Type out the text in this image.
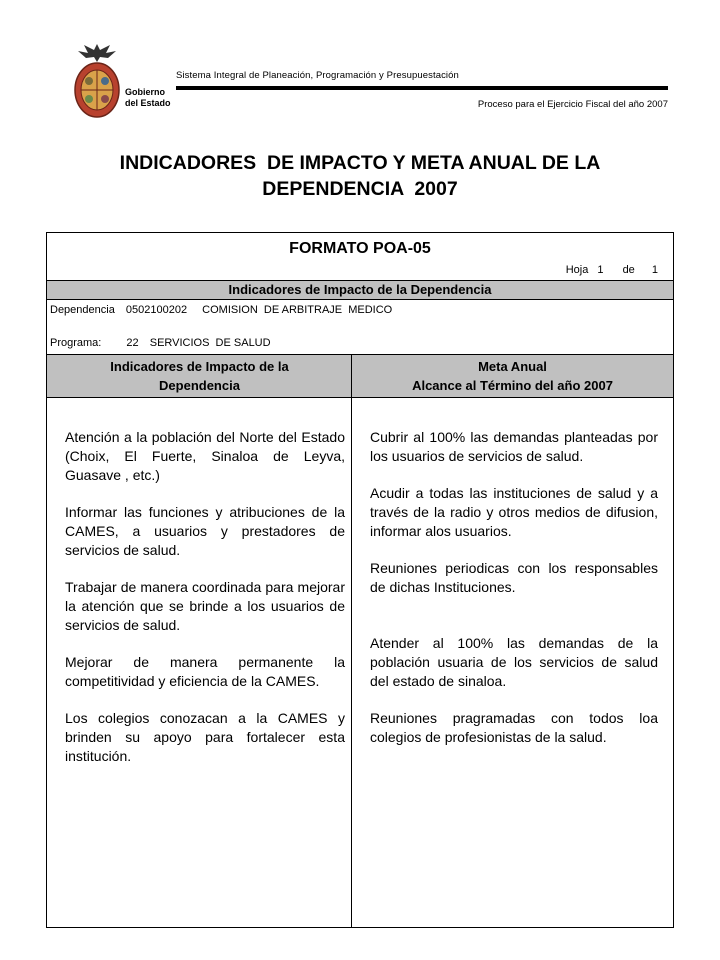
Gobierno
del Estado
Sistema Integral de Planeación, Programación y Presupuestación
Proceso para el Ejercicio Fiscal del año 2007
INDICADORES  DE IMPACTO Y META ANUAL DE LA
DEPENDENCIA  2007
FORMATO POA-05
Hoja 1 de 1
Indicadores de Impacto de la Dependencia
Dependencia 0502100202 COMISION  DE ARBITRAJE  MEDICO
Programa: 22 SERVICIOS  DE SALUD
Indicadores de Impacto de la
Dependencia
Meta Anual
Alcance al Término del año 2007

Atención a la población del Norte del Estado (Choix, El Fuerte, Sinaloa de Leyva, Guasave , etc.)

Informar las funciones y atribuciones de la CAMES, a usuarios y prestadores de servicios de salud.

Trabajar de manera coordinada para mejorar la atención que se brinde a los usuarios de servicios de salud.

Mejorar de manera permanente la competitividad y eficiencia de la CAMES.

Los colegios conozacan a la CAMES y brinden su apoyo para fortalecer esta institución.

Cubrir al 100% las demandas planteadas por los usuarios de servicios de salud.

Acudir a todas las instituciones de salud y a través de la radio y otros medios de difusion, informar alos usuarios.

Reuniones periodicas con los responsables de dichas Instituciones.

Atender al 100% las demandas de la población usuaria de los servicios de salud del estado de sinaloa.

Reuniones pragramadas con todos loa colegios de profesionistas de la salud.
